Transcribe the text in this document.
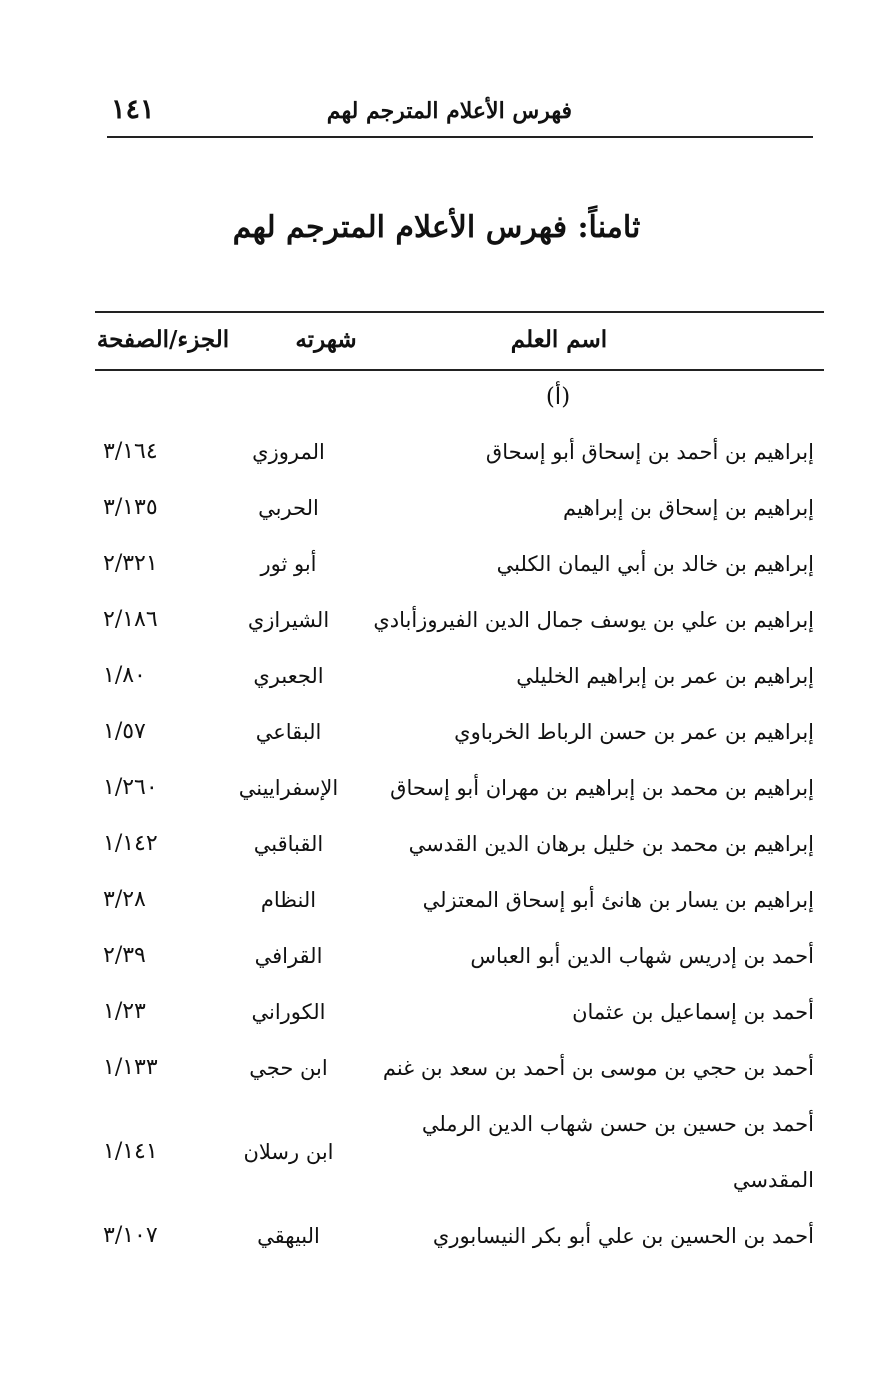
فهرس الأعلام المترجم لهم
١٤١
ثامناً: فهرس الأعلام المترجم لهم
اسم العلم
شهرته
الجزء/الصفحة
(أ)
إبراهيم بن أحمد بن إسحاق أبو إسحاق
المروزي
٣/١٦٤
إبراهيم بن إسحاق بن إبراهيم
الحربي
٣/١٣٥
إبراهيم بن خالد بن أبي اليمان الكلبي
أبو ثور
٢/٣٢١
إبراهيم بن علي بن يوسف جمال الدين الفيروزأبادي
الشيرازي
٢/١٨٦
إبراهيم بن عمر بن إبراهيم الخليلي
الجعبري
١/٨٠
إبراهيم بن عمر بن حسن الرباط الخرباوي
البقاعي
١/٥٧
إبراهيم بن محمد بن إبراهيم بن مهران أبو إسحاق
الإسفراييني
١/٢٦٠
إبراهيم بن محمد بن خليل برهان الدين القدسي
القباقبي
١/١٤٢
إبراهيم بن يسار بن هانئ أبو إسحاق المعتزلي
النظام
٣/٢٨
أحمد بن إدريس شهاب الدين أبو العباس
القرافي
٢/٣٩
أحمد بن إسماعيل بن عثمان
الكوراني
١/٢٣
أحمد بن حجي بن موسى بن أحمد بن سعد بن غنم
ابن حجي
١/١٣٣
أحمد بن حسين بن حسن شهاب الدين الرملي المقدسي
ابن رسلان
١/١٤١
أحمد بن الحسين بن علي أبو بكر النيسابوري
البيهقي
٣/١٠٧
